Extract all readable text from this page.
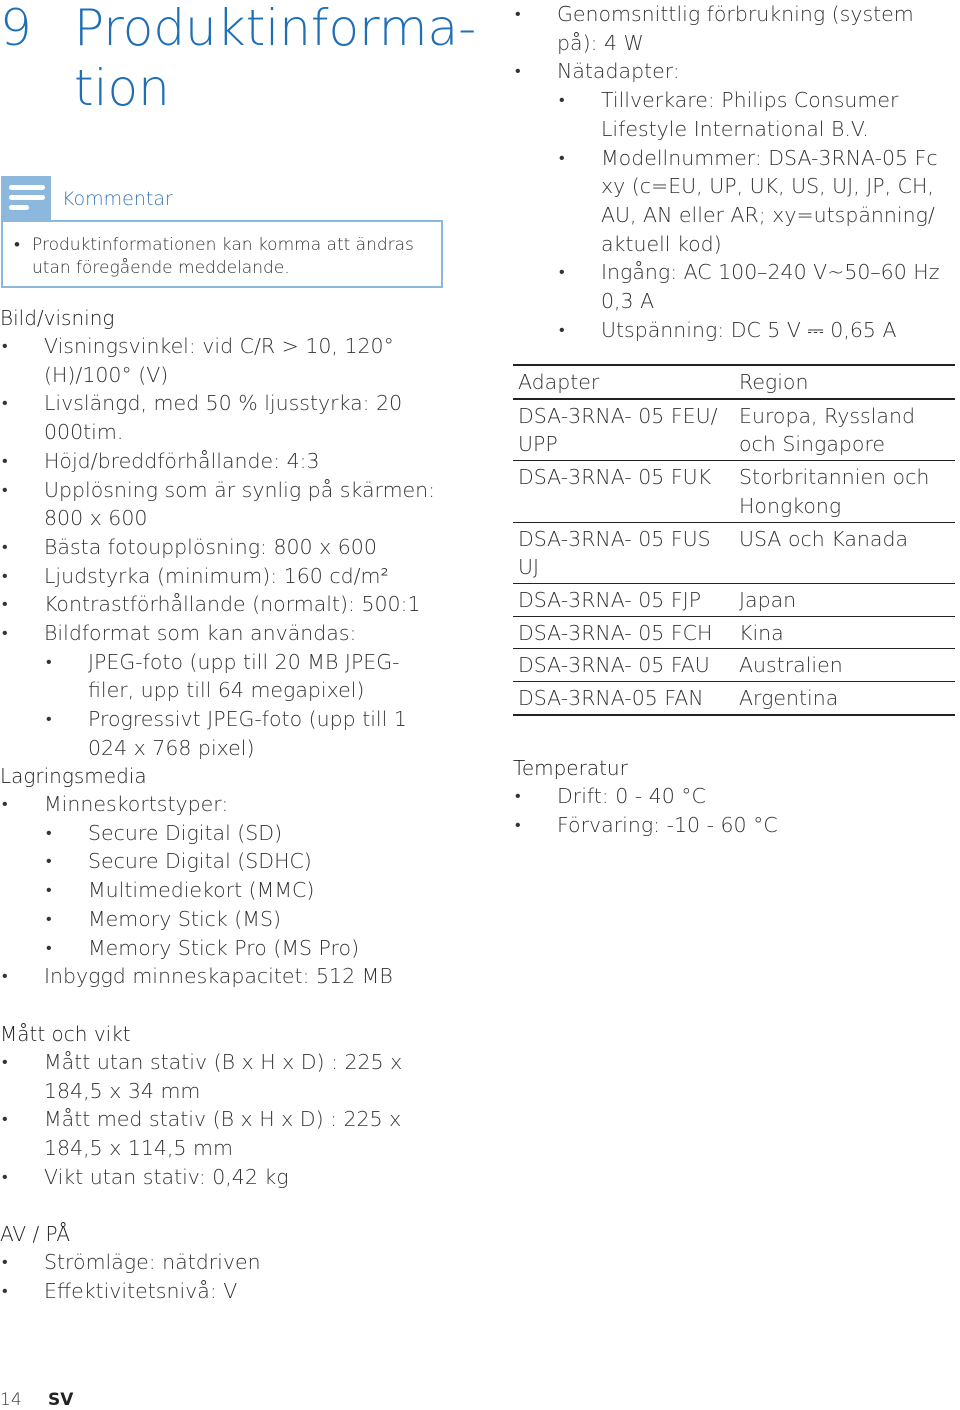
9 Produktinforma-
tion
Kommentar
• Produktinformationen kan komma att ändras utan föregående meddelande.
Bild/visning
• Visningsvinkel: vid C/R > 10, 120° (H)/100° (V)
• Livslängd, med 50 % ljusstyrka: 20 000tim.
• Höjd/breddförhållande: 4:3
• Upplösning som är synlig på skärmen: 800 x 600
• Bästa fotoupplösning: 800 x 600
• Ljudstyrka (minimum): 160 cd/m²
• Kontrastförhållande (normalt): 500:1
• Bildformat som kan användas:
• JPEG-foto (upp till 20 MB JPEG-filer, upp till 64 megapixel)
• Progressivt JPEG-foto (upp till 1 024 x 768 pixel)
Lagringsmedia
• Minneskortstyper:
• Secure Digital (SD)
• Secure Digital (SDHC)
• Multimediekort (MMC)
• Memory Stick (MS)
• Memory Stick Pro (MS Pro)
• Inbyggd minneskapacitet: 512 MB
Mått och vikt
• Mått utan stativ (B x H x D) : 225 x 184,5 x 34 mm
• Mått med stativ (B x H x D) : 225 x 184,5 x 114,5 mm
• Vikt utan stativ: 0,42 kg
AV / PÅ
• Strömläge: nätdriven
• Effektivitetsnivå: V
• Genomsnittlig förbrukning (system på): 4 W
• Nätadapter:
• Tillverkare: Philips Consumer Lifestyle International B.V.
• Modellnummer: DSA-3RNA-05 Fc xy (c=EU, UP, UK, US, UJ, JP, CH, AU, AN eller AR; xy=utspänning/ aktuell kod)
• Ingång: AC 100–240 V~50–60 Hz 0,3 A
• Utspänning: DC 5 V ⎓ 0,65 A
Adapter	Region
DSA-3RNA- 05 FEU/ UPP	Europa, Ryssland och Singapore
DSA-3RNA- 05 FUK	Storbritannien och Hongkong
DSA-3RNA- 05 FUS UJ	USA och Kanada
DSA-3RNA- 05 FJP	Japan
DSA-3RNA- 05 FCH	Kina
DSA-3RNA- 05 FAU	Australien
DSA-3RNA-05 FAN	Argentina
Temperatur
• Drift: 0 - 40 °C
• Förvaring: -10 - 60 °C
14 SV
